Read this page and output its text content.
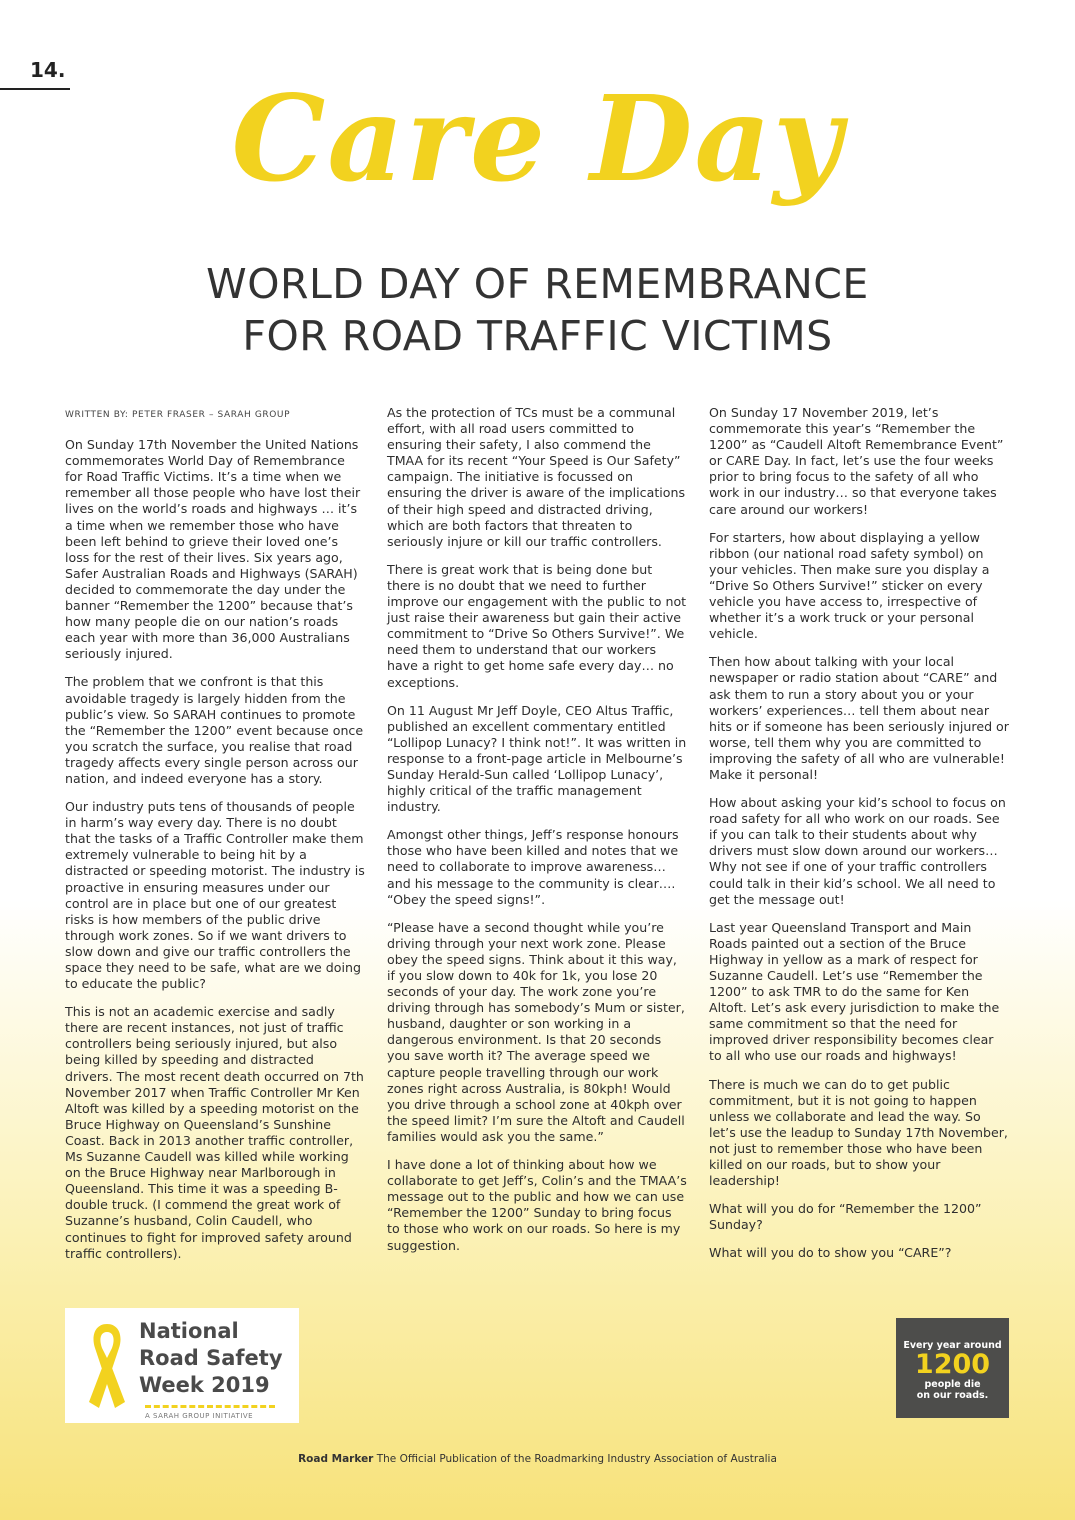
14.	Care Day
WORLD DAY OF REMEMBRANCE
FOR ROAD TRAFFIC VICTIMS
WRITTEN BY: PETER FRASER – SARAH GROUP

On Sunday 17th November the United Nations commemorates World Day of Remembrance for Road Traffic Victims. It’s a time when we remember all those people who have lost their lives on the world’s roads and highways … it’s a time when we remember those who have been left behind to grieve their loved one’s loss for the rest of their lives. Six years ago, Safer Australian Roads and Highways (SARAH) decided to commemorate the day under the banner “Remember the 1200” because that’s how many people die on our nation’s roads each year with more than 36,000 Australians seriously injured.

The problem that we confront is that this avoidable tragedy is largely hidden from the public’s view. So SARAH continues to promote the “Remember the 1200” event because once you scratch the surface, you realise that road tragedy affects every single person across our nation, and indeed everyone has a story.

Our industry puts tens of thousands of people in harm’s way every day. There is no doubt that the tasks of a Traffic Controller make them extremely vulnerable to being hit by a distracted or speeding motorist. The industry is proactive in ensuring measures under our control are in place but one of our greatest risks is how members of the public drive through work zones. So if we want drivers to slow down and give our traffic controllers the space they need to be safe, what are we doing to educate the public?

This is not an academic exercise and sadly there are recent instances, not just of traffic controllers being seriously injured, but also being killed by speeding and distracted drivers. The most recent death occurred on 7th November 2017 when Traffic Controller Mr Ken Altoft was killed by a speeding motorist on the Bruce Highway on Queensland’s Sunshine Coast. Back in 2013 another traffic controller, Ms Suzanne Caudell was killed while working on the Bruce Highway near Marlborough in Queensland. This time it was a speeding B-double truck. (I commend the great work of Suzanne’s husband, Colin Caudell, who continues to fight for improved safety around traffic controllers).

As the protection of TCs must be a communal effort, with all road users committed to ensuring their safety, I also commend the TMAA for its recent “Your Speed is Our Safety” campaign. The initiative is focussed on ensuring the driver is aware of the implications of their high speed and distracted driving, which are both factors that threaten to seriously injure or kill our traffic controllers.

There is great work that is being done but there is no doubt that we need to further improve our engagement with the public to not just raise their awareness but gain their active commitment to “Drive So Others Survive!”. We need them to understand that our workers have a right to get home safe every day… no exceptions.

On 11 August Mr Jeff Doyle, CEO Altus Traffic, published an excellent commentary entitled “Lollipop Lunacy? I think not!”. It was written in response to a front-page article in Melbourne’s Sunday Herald-Sun called ‘Lollipop Lunacy’, highly critical of the traffic management industry.

Amongst other things, Jeff’s response honours those who have been killed and notes that we need to collaborate to improve awareness… and his message to the community is clear…. “Obey the speed signs!”.

“Please have a second thought while you’re driving through your next work zone. Please obey the speed signs. Think about it this way, if you slow down to 40k for 1k, you lose 20 seconds of your day. The work zone you’re driving through has somebody’s Mum or sister, husband, daughter or son working in a dangerous environment. Is that 20 seconds you save worth it? The average speed we capture people travelling through our work zones right across Australia, is 80kph! Would you drive through a school zone at 40kph over the speed limit? I’m sure the Altoft and Caudell families would ask you the same.”

I have done a lot of thinking about how we collaborate to get Jeff’s, Colin’s and the TMAA’s message out to the public and how we can use “Remember the 1200” Sunday to bring focus to those who work on our roads. So here is my suggestion.

On Sunday 17 November 2019, let’s commemorate this year’s “Remember the 1200” as “Caudell Altoft Remembrance Event” or CARE Day. In fact, let’s use the four weeks prior to bring focus to the safety of all who work in our industry… so that everyone takes care around our workers!

For starters, how about displaying a yellow ribbon (our national road safety symbol) on your vehicles. Then make sure you display a “Drive So Others Survive!” sticker on every vehicle you have access to, irrespective of whether it’s a work truck or your personal vehicle.

Then how about talking with your local newspaper or radio station about “CARE” and ask them to run a story about you or your workers’ experiences… tell them about near hits or if someone has been seriously injured or worse, tell them why you are committed to improving the safety of all who are vulnerable! Make it personal!

How about asking your kid’s school to focus on road safety for all who work on our roads. See if you can talk to their students about why drivers must slow down around our workers… Why not see if one of your traffic controllers could talk in their kid’s school. We all need to get the message out!

Last year Queensland Transport and Main Roads painted out a section of the Bruce Highway in yellow as a mark of respect for Suzanne Caudell. Let’s use “Remember the 1200” to ask TMR to do the same for Ken Altoft. Let’s ask every jurisdiction to make the same commitment so that the need for improved driver responsibility becomes clear to all who use our roads and highways!

There is much we can do to get public commitment, but it is not going to happen unless we collaborate and lead the way. So let’s use the leadup to Sunday 17th November, not just to remember those who have been killed on our roads, but to show your leadership!

What will you do for “Remember the 1200” Sunday?

What will you do to show you “CARE”?

National
Road Safety
Week 2019
A SARAH GROUP INITIATIVE
Every year around
1200
people die
on our roads.
Road Marker The Official Publication of the Roadmarking Industry Association of Australia
